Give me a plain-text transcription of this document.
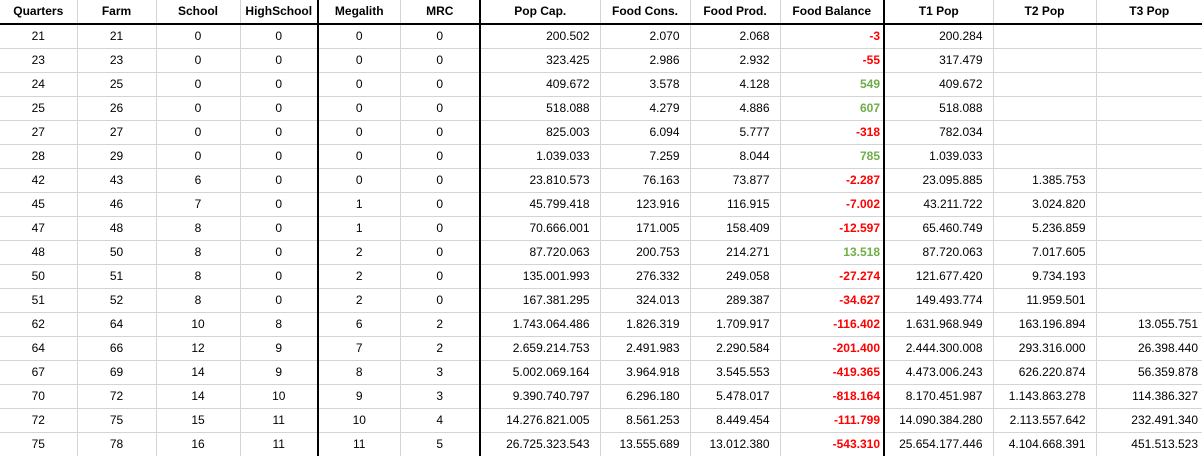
Quarters	Farm	School	HighSchool	Megalith	MRC	Pop Cap.	Food Cons.	Food Prod.	Food Balance	T1 Pop	T2 Pop	T3 Pop
21	21	0	0	0	0	200.502	2.070	2.068	-3	200.284		
23	23	0	0	0	0	323.425	2.986	2.932	-55	317.479		
24	25	0	0	0	0	409.672	3.578	4.128	549	409.672		
25	26	0	0	0	0	518.088	4.279	4.886	607	518.088		
27	27	0	0	0	0	825.003	6.094	5.777	-318	782.034		
28	29	0	0	0	0	1.039.033	7.259	8.044	785	1.039.033		
42	43	6	0	0	0	23.810.573	76.163	73.877	-2.287	23.095.885	1.385.753	
45	46	7	0	1	0	45.799.418	123.916	116.915	-7.002	43.211.722	3.024.820	
47	48	8	0	1	0	70.666.001	171.005	158.409	-12.597	65.460.749	5.236.859	
48	50	8	0	2	0	87.720.063	200.753	214.271	13.518	87.720.063	7.017.605	
50	51	8	0	2	0	135.001.993	276.332	249.058	-27.274	121.677.420	9.734.193	
51	52	8	0	2	0	167.381.295	324.013	289.387	-34.627	149.493.774	11.959.501	
62	64	10	8	6	2	1.743.064.486	1.826.319	1.709.917	-116.402	1.631.968.949	163.196.894	13.055.751
64	66	12	9	7	2	2.659.214.753	2.491.983	2.290.584	-201.400	2.444.300.008	293.316.000	26.398.440
67	69	14	9	8	3	5.002.069.164	3.964.918	3.545.553	-419.365	4.473.006.243	626.220.874	56.359.878
70	72	14	10	9	3	9.390.740.797	6.296.180	5.478.017	-818.164	8.170.451.987	1.143.863.278	114.386.327
72	75	15	11	10	4	14.276.821.005	8.561.253	8.449.454	-111.799	14.090.384.280	2.113.557.642	232.491.340
75	78	16	11	11	5	26.725.323.543	13.555.689	13.012.380	-543.310	25.654.177.446	4.104.668.391	451.513.523
